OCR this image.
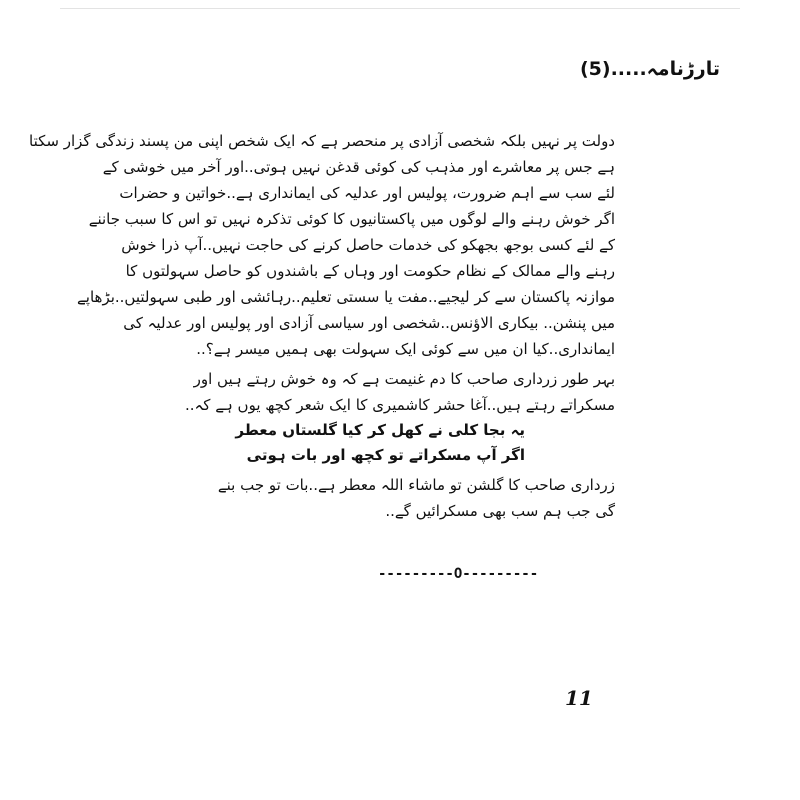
تارڑنامہ.....(5)
دولت پر نہیں بلکہ شخصی آزادی پر منحصر ہے کہ ایک شخص اپنی من پسند زندگی گزار سکتا
ہے جس پر معاشرے اور مذہب کی کوئی قدغن نہیں ہوتی..اور آخر میں خوشی کے
لئے سب سے اہم ضرورت، پولیس اور عدلیہ کی ایمانداری ہے..خواتین و حضرات
اگر خوش رہنے والے لوگوں میں پاکستانیوں کا کوئی تذکرہ نہیں تو اس کا سبب جاننے
کے لئے کسی بوجھ بجھکو کی خدمات حاصل کرنے کی حاجت نہیں..آپ ذرا خوش
رہنے والے ممالک کے نظام حکومت اور وہاں کے باشندوں کو حاصل سہولتوں کا
موازنہ پاکستان سے کر لیجیے..مفت یا سستی تعلیم..رہائشی اور طبی سہولتیں..بڑھاپے
میں پنشن.. بیکاری الاؤنس..شخصی اور سیاسی آزادی اور پولیس اور عدلیہ کی
ایمانداری..کیا ان میں سے کوئی ایک سہولت بھی ہمیں میسر ہے؟..
بہر طور زرداری صاحب کا دم غنیمت ہے کہ وہ خوش رہتے ہیں اور
مسکراتے رہتے ہیں..آغا حشر کاشمیری کا ایک شعر کچھ یوں ہے کہ..
یہ بجا کلی نے کھل کر کیا گلستاں معطر
اگر آپ مسکراتے تو کچھ اور بات ہوتی
زرداری صاحب کا گلشن تو ماشاء اللہ معطر ہے..بات تو جب بنے
گی جب ہم سب بھی مسکرائیں گے..
---------O---------
11
